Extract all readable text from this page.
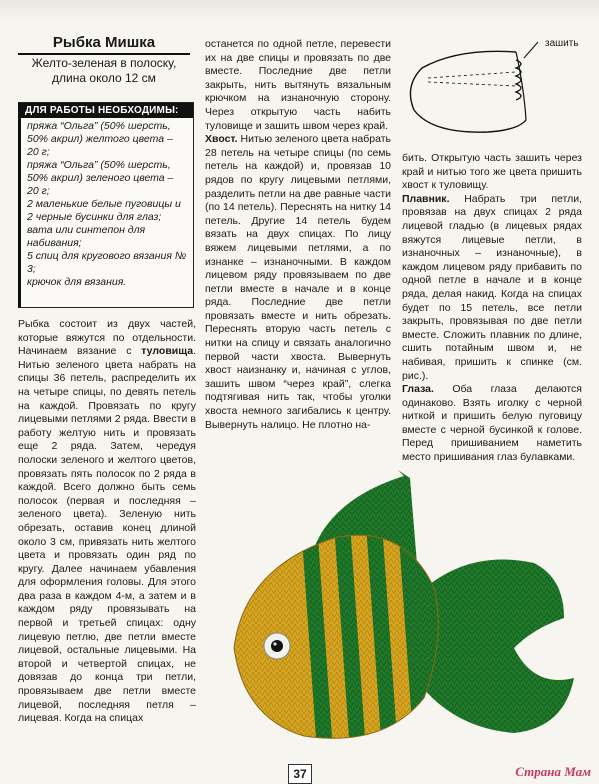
Рыбка Мишка
Желто-зеленая в полоску, длина около 12 см
ДЛЯ РАБОТЫ НЕОБХОДИМЫ:
пряжа “Ольга” (50% шерсть, 50% акрил) желтого цвета – 20 г;
пряжа “Ольга” (50% шерсть, 50% акрил) зеленого цвета – 20 г;
2 маленькие белые пуговицы и 2 черные бусинки для глаз;
вата или синтепон для набивания;
5 спиц для кругового вязания № 3;
крючок для вязания.

Рыбка состоит из двух частей, которые вяжутся по отдельности. Начинаем вязание с туловища. Нитью зеленого цвета набрать на спицы 36 петель, распределить их на четыре спицы, по девять петель на каждой. Провязать по кругу лицевыми петлями 2 ряда. Ввести в работу желтую нить и провязать еще 2 ряда. Затем, чередуя полоски зеленого и желтого цветов, провязать пять полосок по 2 ряда в каждой. Всего должно быть семь полосок (первая и последняя – зеленого цвета). Зеленую нить обрезать, оставив конец длиной около 3 см, привязать нить желтого цвета и провязать один ряд по кругу. Далее начинаем убавления для оформления головы. Для этого два раза в каждом 4-м, а затем и в каждом ряду провязывать на первой и третьей спицах: одну лицевую петлю, две петли вместе лицевой, остальные лицевыми. На второй и четвертой спицах, не довязав до конца три петли, провязываем две петли вместе лицевой, последняя петля – лицевая. Когда на спицах

останется по одной петле, перевести их на две спицы и провязать по две вместе. Последние две петли закрыть, нить вытянуть вязальным крючком на изнаночную сторону. Через открытую часть набить туловище и зашить швом через край.

Хвост. Нитью зеленого цвета набрать 28 петель на четыре спицы (по семь петель на каждой) и, провязав 10 рядов по кругу лицевыми петлями, разделить петли на две равные части (по 14 петель). Переснять на нитку 14 петель. Другие 14 петель будем вязать на двух спицах. По лицу вяжем лицевыми петлями, а по изнанке – изнаночными. В каждом лицевом ряду провязываем по две петли вместе в начале и в конце ряда. Последние две петли провязать вместе и нить обрезать. Переснять вторую часть петель с нитки на спицу и связать аналогично первой части хвоста. Вывернуть хвост наизнанку и, начиная с углов, зашить швом “через край”, слегка подтягивая нить так, чтобы уголки хвоста немного загибались к центру. Вывернуть налицо. Не плотно на-

зашить

бить. Открытую часть зашить через край и нитью того же цвета пришить хвост к туловищу.

Плавник. Набрать три петли, провязав на двух спицах 2 ряда лицевой гладью (в лицевых рядах вяжутся лицевые петли, в изнаночных – изнаночные), в каждом лицевом ряду прибавить по одной петле в начале и в конце ряда, делая накид. Когда на спицах будет по 15 петель, все петли закрыть, провязывая по две петли вместе. Сложить плавник по длине, сшить потайным швом и, не набивая, пришить к спинке (см. рис.).

Глаза. Оба глаза делаются одинаково. Взять иголку с черной ниткой и пришить белую пуговицу вместе с черной бусинкой к голове. Перед пришиванием наметить место пришивания глаз булавками.

37	Страна Мам
